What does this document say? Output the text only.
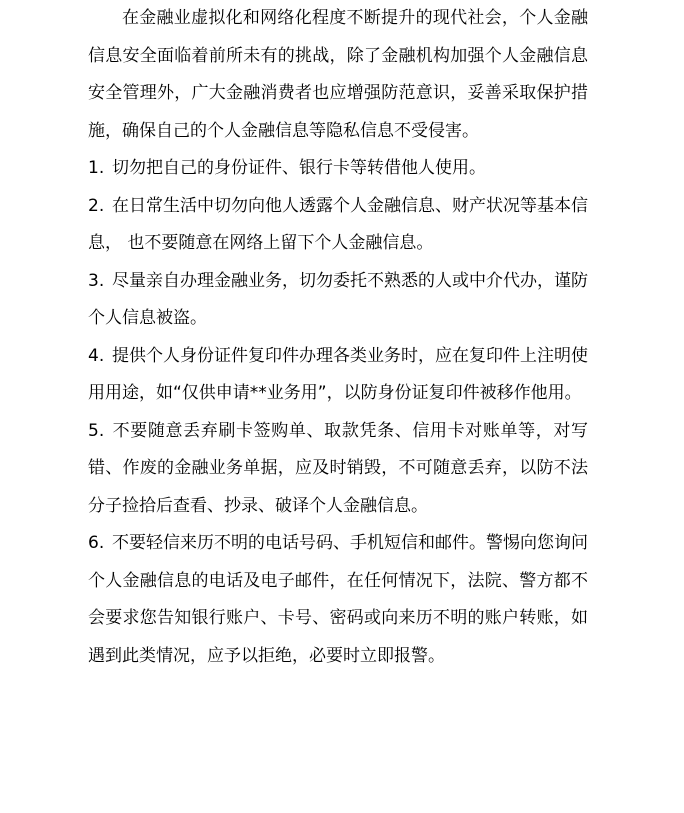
在金融业虚拟化和网络化程度不断提升的现代社会，个人金融信息安全面临着前所未有的挑战，除了金融机构加强个人金融信息安全管理外，广大金融消费者也应增强防范意识，妥善采取保护措施，确保自己的个人金融信息等隐私信息不受侵害。

1. 切勿把自己的身份证件、银行卡等转借他人使用。

2. 在日常生活中切勿向他人透露个人金融信息、财产状况等基本信息， 也不要随意在网络上留下个人金融信息。

3. 尽量亲自办理金融业务，切勿委托不熟悉的人或中介代办，谨防个人信息被盗。

4. 提供个人身份证件复印件办理各类业务时，应在复印件上注明使用用途，如“仅供申请**业务用”，以防身份证复印件被移作他用。

5. 不要随意丢弃刷卡签购单、取款凭条、信用卡对账单等，对写错、作废的金融业务单据，应及时销毁，不可随意丢弃，以防不法分子捡拾后查看、抄录、破译个人金融信息。

6. 不要轻信来历不明的电话号码、手机短信和邮件。警惕向您询问个人金融信息的电话及电子邮件，在任何情况下，法院、警方都不会要求您告知银行账户、卡号、密码或向来历不明的账户转账，如遇到此类情况，应予以拒绝，必要时立即报警。
